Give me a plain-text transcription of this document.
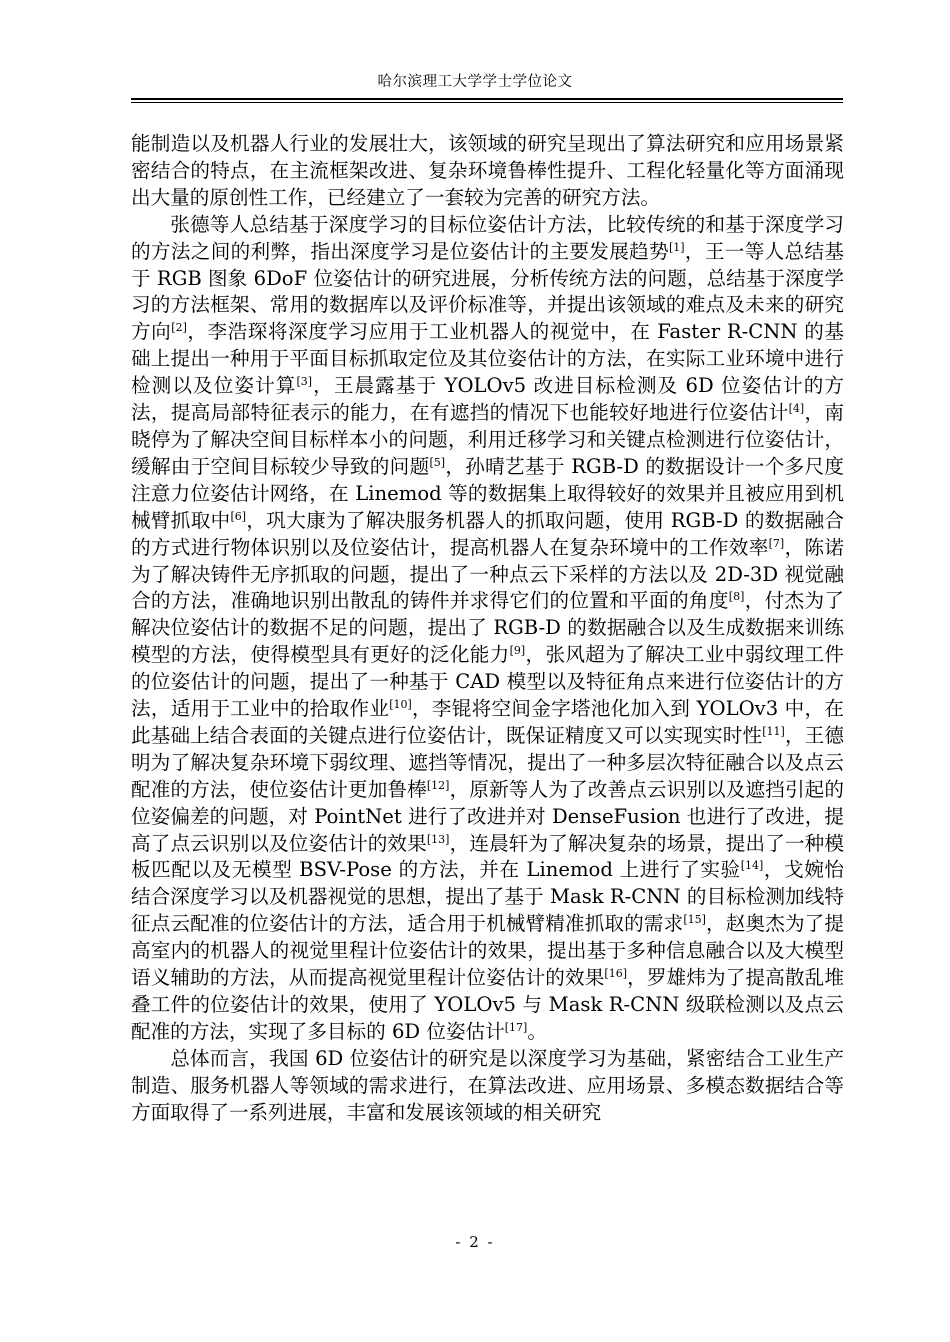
哈尔滨理工大学学士学位论文

能制造以及机器人行业的发展壮大，该领域的研究呈现出了算法研究和应用场景紧密结合的特点，在主流框架改进、复杂环境鲁棒性提升、工程化轻量化等方面涌现出大量的原创性工作，已经建立了一套较为完善的研究方法。

张德等人总结基于深度学习的目标位姿估计方法，比较传统的和基于深度学习的方法之间的利弊，指出深度学习是位姿估计的主要发展趋势[1]，王一等人总结基于 RGB 图象 6DoF 位姿估计的研究进展，分析传统方法的问题，总结基于深度学习的方法框架、常用的数据库以及评价标准等，并提出该领域的难点及未来的研究方向[2]，李浩琛将深度学习应用于工业机器人的视觉中，在 Faster R-CNN 的基础上提出一种用于平面目标抓取定位及其位姿估计的方法，在实际工业环境中进行检测以及位姿计算[3]，王晨露基于 YOLOv5 改进目标检测及 6D 位姿估计的方法，提高局部特征表示的能力，在有遮挡的情况下也能较好地进行位姿估计[4]，南晓停为了解决空间目标样本小的问题，利用迁移学习和关键点检测进行位姿估计，缓解由于空间目标较少导致的问题[5]，孙晴艺基于 RGB-D 的数据设计一个多尺度注意力位姿估计网络，在 Linemod 等的数据集上取得较好的效果并且被应用到机械臂抓取中[6]，巩大康为了解决服务机器人的抓取问题，使用 RGB-D 的数据融合的方式进行物体识别以及位姿估计，提高机器人在复杂环境中的工作效率[7]，陈诺为了解决铸件无序抓取的问题，提出了一种点云下采样的方法以及 2D-3D 视觉融合的方法，准确地识别出散乱的铸件并求得它们的位置和平面的角度[8]，付杰为了解决位姿估计的数据不足的问题，提出了 RGB-D 的数据融合以及生成数据来训练模型的方法，使得模型具有更好的泛化能力[9]，张风超为了解决工业中弱纹理工件的位姿估计的问题，提出了一种基于 CAD 模型以及特征角点来进行位姿估计的方法，适用于工业中的拾取作业[10]，李锟将空间金字塔池化加入到 YOLOv3 中，在此基础上结合表面的关键点进行位姿估计，既保证精度又可以实现实时性[11]，王德明为了解决复杂环境下弱纹理、遮挡等情况，提出了一种多层次特征融合以及点云配准的方法，使位姿估计更加鲁棒[12]，原新等人为了改善点云识别以及遮挡引起的位姿偏差的问题，对 PointNet 进行了改进并对 DenseFusion 也进行了改进，提高了点云识别以及位姿估计的效果[13]，连晨轩为了解决复杂的场景，提出了一种模板匹配以及无模型 BSV-Pose 的方法，并在 Linemod 上进行了实验[14]，戈婉怡结合深度学习以及机器视觉的思想，提出了基于 Mask R-CNN 的目标检测加线特征点云配准的位姿估计的方法，适合用于机械臂精准抓取的需求[15]，赵奥杰为了提高室内的机器人的视觉里程计位姿估计的效果，提出基于多种信息融合以及大模型语义辅助的方法，从而提高视觉里程计位姿估计的效果[16]，罗雄炜为了提高散乱堆叠工件的位姿估计的效果，使用了 YOLOv5 与 Mask R-CNN 级联检测以及点云配准的方法，实现了多目标的 6D 位姿估计[17]。

总体而言，我国 6D 位姿估计的研究是以深度学习为基础，紧密结合工业生产制造、服务机器人等领域的需求进行，在算法改进、应用场景、多模态数据结合等方面取得了一系列进展，丰富和发展该领域的相关研究

- 2 -
